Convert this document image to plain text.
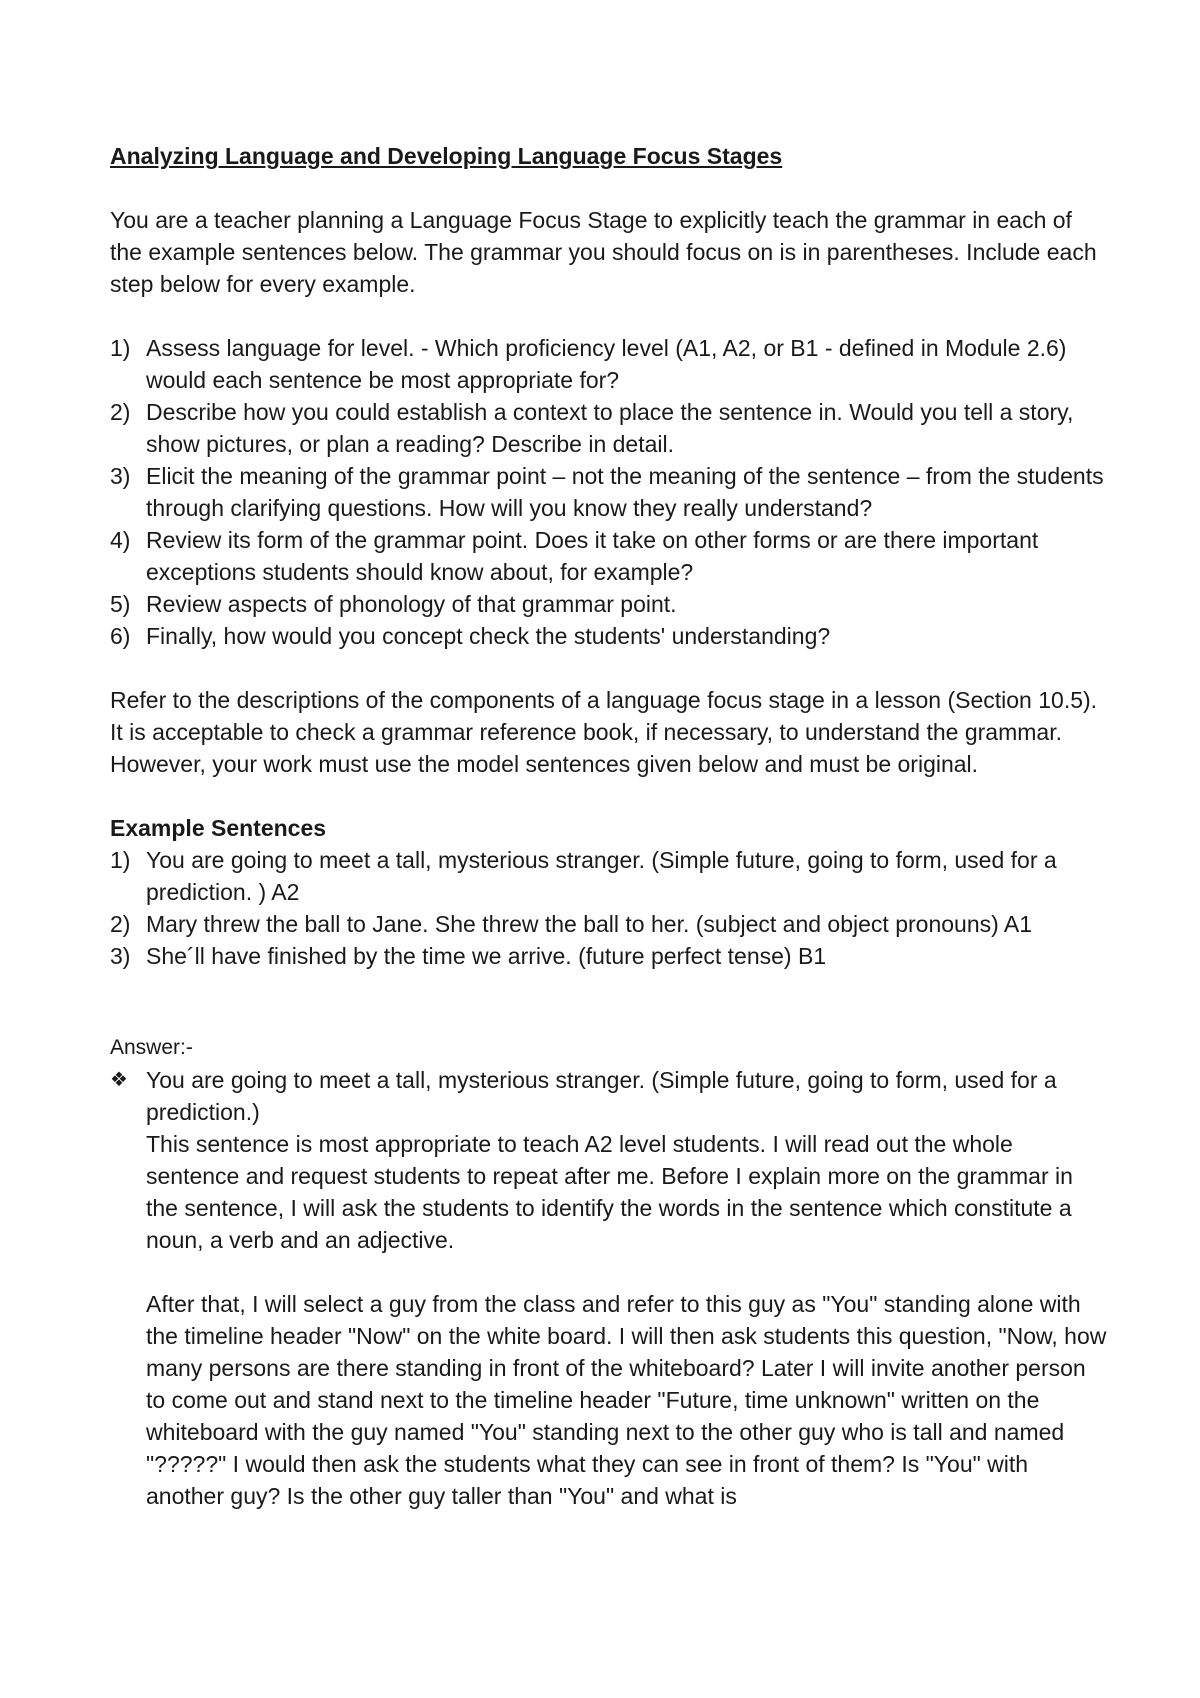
Analyzing Language and Developing Language Focus Stages

You are a teacher planning a Language Focus Stage to explicitly teach the grammar in each of the example sentences below. The grammar you should focus on is in parentheses. Include each step below for every example.

1) Assess language for level. - Which proficiency level (A1, A2, or B1 - defined in Module 2.6) would each sentence be most appropriate for?
2) Describe how you could establish a context to place the sentence in. Would you tell a story, show pictures, or plan a reading? Describe in detail.
3) Elicit the meaning of the grammar point – not the meaning of the sentence – from the students through clarifying questions. How will you know they really understand?
4) Review its form of the grammar point. Does it take on other forms or are there important exceptions students should know about, for example?
5) Review aspects of phonology of that grammar point.
6) Finally, how would you concept check the students' understanding?

Refer to the descriptions of the components of a language focus stage in a lesson (Section 10.5). It is acceptable to check a grammar reference book, if necessary, to understand the grammar. However, your work must use the model sentences given below and must be original.

Example Sentences

1) You are going to meet a tall, mysterious stranger. (Simple future, going to form, used for a prediction. ) A2
2) Mary threw the ball to Jane. She threw the ball to her. (subject and object pronouns) A1
3) She´ll have finished by the time we arrive. (future perfect tense) B1

Answer:-

❖ You are going to meet a tall, mysterious stranger. (Simple future, going to form, used for a prediction.)

This sentence is most appropriate to teach A2 level students. I will read out the whole sentence and request students to repeat after me. Before I explain more on the grammar in the sentence, I will ask the students to identify the words in the sentence which constitute a noun, a verb and an adjective.

After that, I will select a guy from the class and refer to this guy as "You" standing alone with the timeline header "Now" on the white board. I will then ask students this question, "Now, how many persons are there standing in front of the whiteboard? Later I will invite another person to come out and stand next to the timeline header "Future, time unknown" written on the whiteboard with the guy named "You" standing next to the other guy who is tall and named "?????" I would then ask the students what they can see in front of them? Is "You" with another guy? Is the other guy taller than "You" and what is
